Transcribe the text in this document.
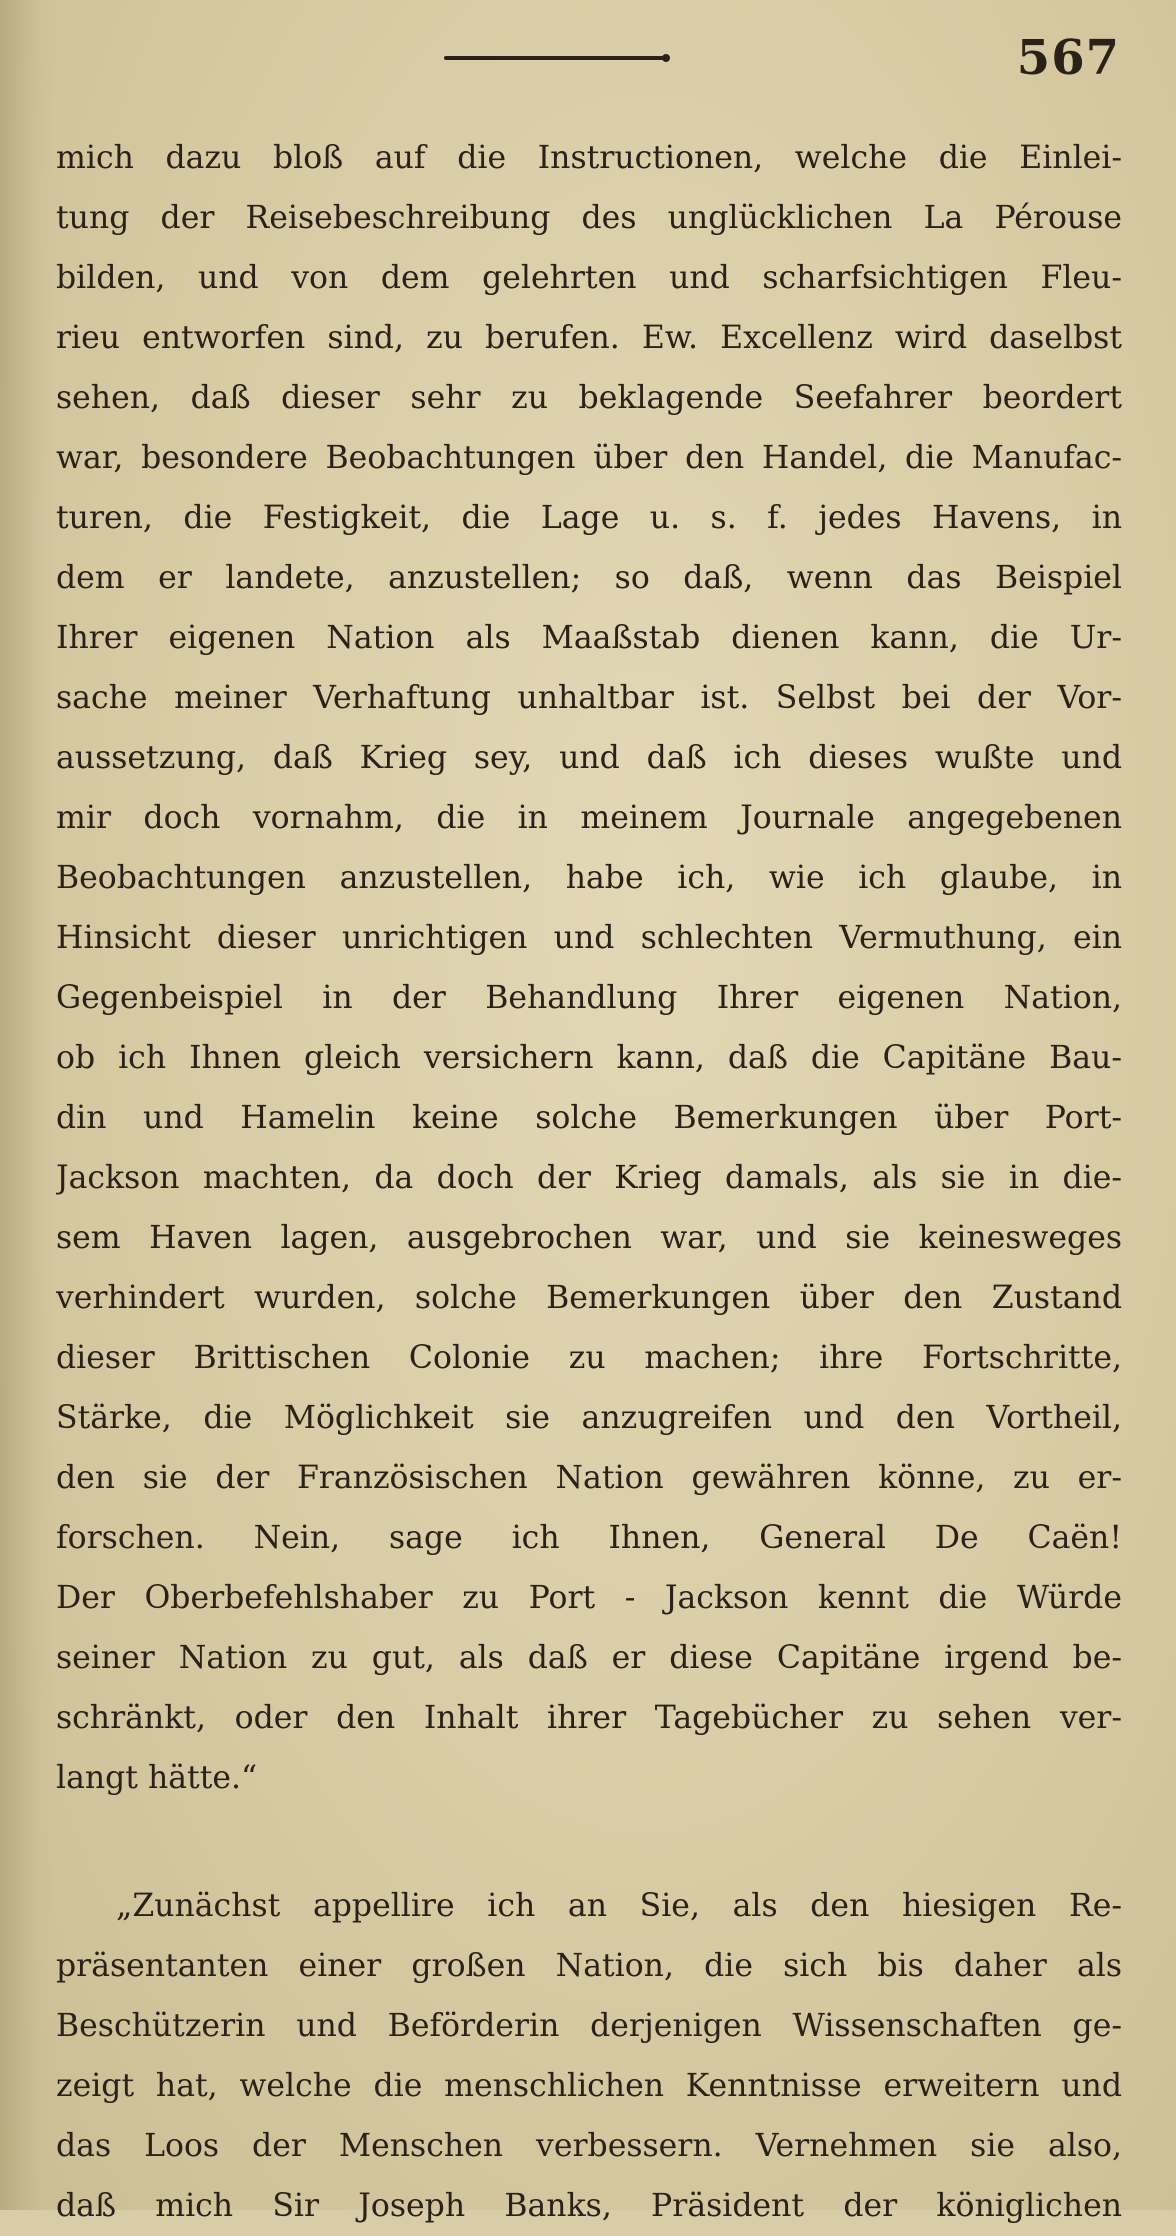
567
mich dazu bloß auf die Instructionen, welche die Einlei-
tung der Reisebeschreibung des unglücklichen La Pérouse
bilden, und von dem gelehrten und scharfsichtigen Fleu-
rieu entworfen sind, zu berufen. Ew. Excellenz wird daselbst
sehen, daß dieser sehr zu beklagende Seefahrer beordert
war, besondere Beobachtungen über den Handel, die Manufac-
turen, die Festigkeit, die Lage u. s. f. jedes Havens, in
dem er landete, anzustellen; so daß, wenn das Beispiel
Ihrer eigenen Nation als Maaßstab dienen kann, die Ur-
sache meiner Verhaftung unhaltbar ist. Selbst bei der Vor-
aussetzung, daß Krieg sey, und daß ich dieses wußte und
mir doch vornahm, die in meinem Journale angegebenen
Beobachtungen anzustellen, habe ich, wie ich glaube, in
Hinsicht dieser unrichtigen und schlechten Vermuthung, ein
Gegenbeispiel in der Behandlung Ihrer eigenen Nation,
ob ich Ihnen gleich versichern kann, daß die Capitäne Bau-
din und Hamelin keine solche Bemerkungen über Port-
Jackson machten, da doch der Krieg damals, als sie in die-
sem Haven lagen, ausgebrochen war, und sie keinesweges
verhindert wurden, solche Bemerkungen über den Zustand
dieser Brittischen Colonie zu machen; ihre Fortschritte,
Stärke, die Möglichkeit sie anzugreifen und den Vortheil,
den sie der Französischen Nation gewähren könne, zu er-
forschen. Nein, sage ich Ihnen, General De Caën!
Der Oberbefehlshaber zu Port - Jackson kennt die Würde
seiner Nation zu gut, als daß er diese Capitäne irgend be-
schränkt, oder den Inhalt ihrer Tagebücher zu sehen ver-
langt hätte.“
„Zunächst appellire ich an Sie, als den hiesigen Re-
präsentanten einer großen Nation, die sich bis daher als
Beschützerin und Beförderin derjenigen Wissenschaften ge-
zeigt hat, welche die menschlichen Kenntnisse erweitern und
das Loos der Menschen verbessern. Vernehmen sie also,
daß mich Sir Joseph Banks, Präsident der königlichen
